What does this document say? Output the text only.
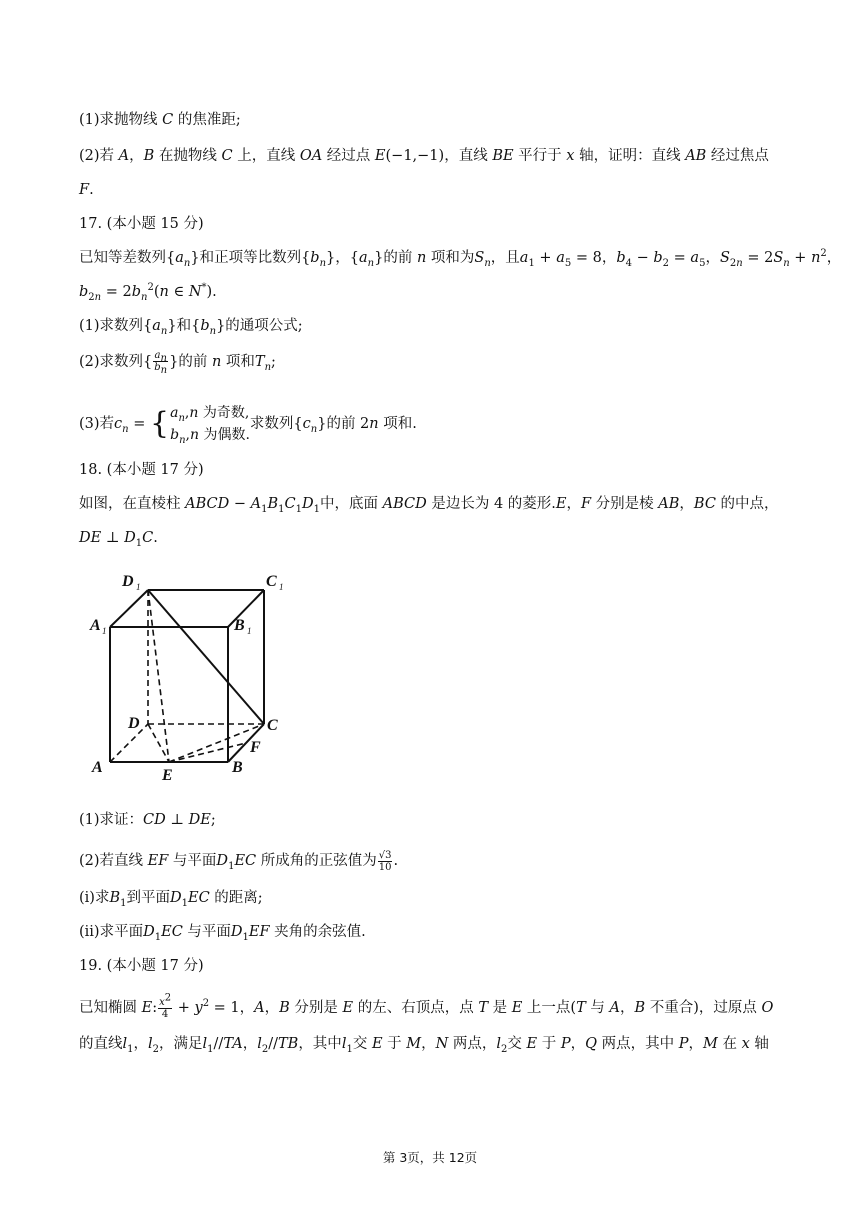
(1)求抛物线 C 的焦准距;
(2)若 A，B 在抛物线 C 上，直线 OA 经过点 E(−1,−1)，直线 BE 平行于 x 轴，证明：直线 AB 经过焦点
F.
17. (本小题 15 分)
已知等差数列$\{a_n\}$和正项等比数列$\{b_n\}$，$\{a_n\}$的前 n 项和为$S_n$，且$a_1 + a_5 = 8$，$b_4 - b_2 = a_5$，$S_{2n} = 2S_n + n^2$，
$b_{2n} = 2b_n^2(n$ ∈ N*).
(1)求数列$\{a_n\}$和$\{b_n\}$的通项公式;
(2)求数列{ $\frac{a_n}{b_n}$ }的前 n 项和$T_n$;
(3)若$c_n$ = { $a_n,n$ 为奇数,
$b_n,n$ 为偶数.
求数列$\{c_n\}$的前 2n 项和.
18. (本小题 17 分)
如图，在直棱柱 ABCD − $A_1B_1C_1D_1$中，底面 ABCD 是边长为 4 的菱形.E，F 分别是棱 AB，BC 的中点，
DE ⊥ $D_1C$.
D 1	C 1
A 1	B 1
D	C
A	E	B
F
(1)求证：CD ⊥ DE;
(2)若直线 EF 与平面$D_1EC$ 所成角的正弦值为 $\frac{√3}{10}$ .
(ⅰ)求$B_1$到平面$D_1EC$ 的距离;
(ⅱ)求平面$D_1EC$ 与平面$D_1EF$ 夹角的余弦值.
19. (本小题 17 分)
已知椭圆 E: $\frac{x^2}{4} + y^2 = 1$，A，B 分别是 E 的左、右顶点，点 T 是 E 上一点(T 与 A，B 不重合)，过原点 O
的直线$l_1$，$l_2$，满足$l_1//TA$，$l_2//TB$，其中$l_1$交 E 于 M，N 两点，$l_2$交 E 于 P，Q 两点，其中 P，M 在 x 轴
第 3页，共 12页
